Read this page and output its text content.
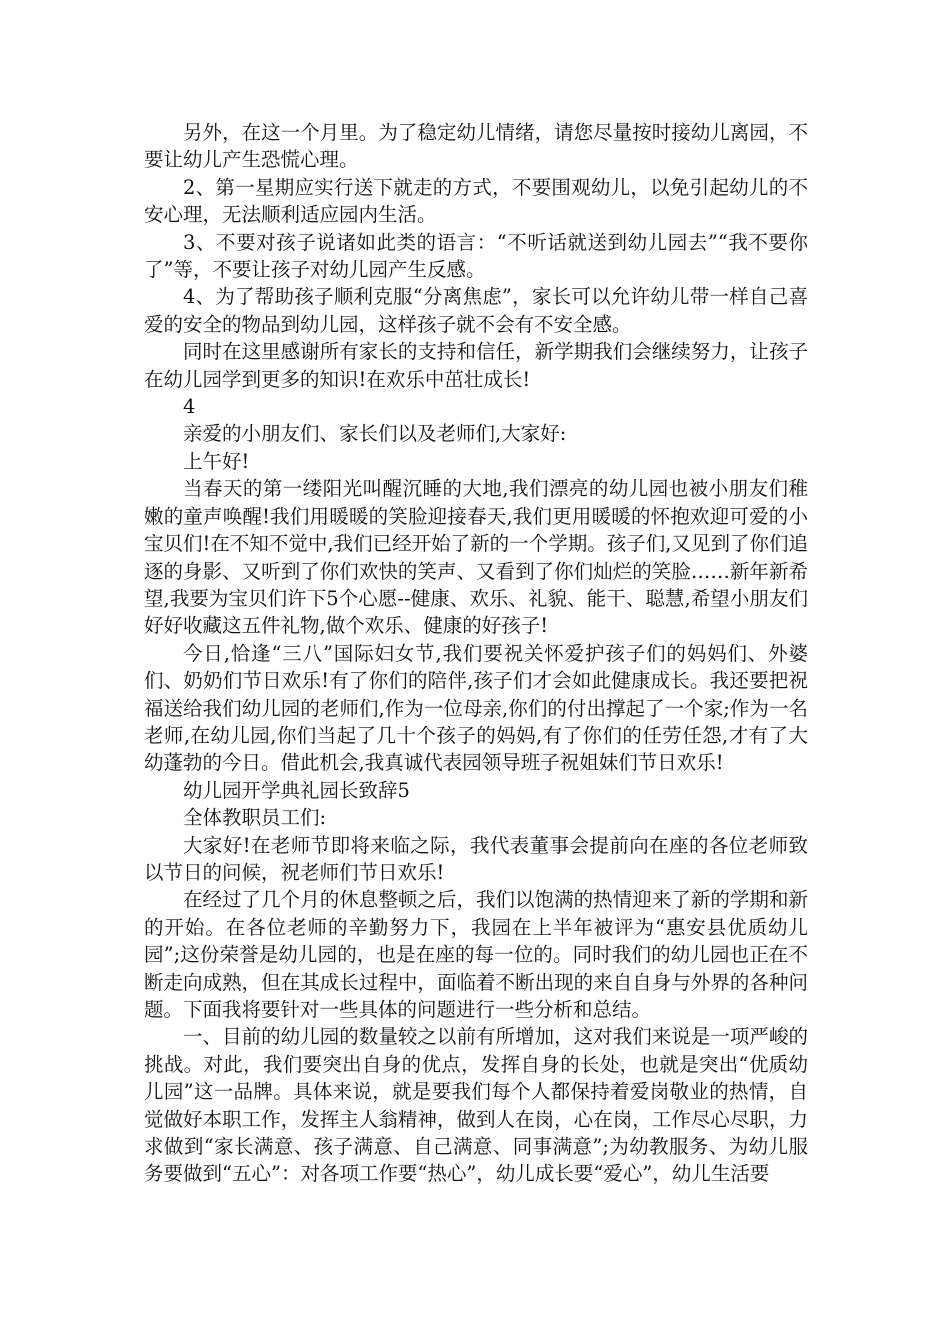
另外，在这一个月里。为了稳定幼儿情绪，请您尽量按时接幼儿离园，不要让幼儿产生恐慌心理。

2、第一星期应实行送下就走的方式，不要围观幼儿，以免引起幼儿的不安心理，无法顺利适应园内生活。

3、不要对孩子说诸如此类的语言：“不听话就送到幼儿园去”“我不要你了”等，不要让孩子对幼儿园产生反感。

4、为了帮助孩子顺利克服“分离焦虑”，家长可以允许幼儿带一样自己喜爱的安全的物品到幼儿园，这样孩子就不会有不安全感。

同时在这里感谢所有家长的支持和信任，新学期我们会继续努力，让孩子在幼儿园学到更多的知识!在欢乐中茁壮成长!

4

亲爱的小朋友们、家长们以及老师们,大家好:

上午好!

当春天的第一缕阳光叫醒沉睡的大地,我们漂亮的幼儿园也被小朋友们稚嫩的童声唤醒!我们用暖暖的笑脸迎接春天,我们更用暖暖的怀抱欢迎可爱的小宝贝们!在不知不觉中,我们已经开始了新的一个学期。孩子们,又见到了你们追逐的身影、又听到了你们欢快的笑声、又看到了你们灿烂的笑脸……新年新希望,我要为宝贝们许下5个心愿--健康、欢乐、礼貌、能干、聪慧,希望小朋友们好好收藏这五件礼物,做个欢乐、健康的好孩子!

今日,恰逢“三八”国际妇女节,我们要祝关怀爱护孩子们的妈妈们、外婆们、奶奶们节日欢乐!有了你们的陪伴,孩子们才会如此健康成长。我还要把祝福送给我们幼儿园的老师们,作为一位母亲,你们的付出撑起了一个家;作为一名老师,在幼儿园,你们当起了几十个孩子的妈妈,有了你们的任劳任怨,才有了大幼蓬勃的今日。借此机会,我真诚代表园领导班子祝姐妹们节日欢乐!

幼儿园开学典礼园长致辞5

全体教职员工们:

大家好!在老师节即将来临之际，我代表董事会提前向在座的各位老师致以节日的问候，祝老师们节日欢乐!

在经过了几个月的休息整顿之后，我们以饱满的热情迎来了新的学期和新的开始。在各位老师的辛勤努力下，我园在上半年被评为“惠安县优质幼儿园”;这份荣誉是幼儿园的，也是在座的每一位的。同时我们的幼儿园也正在不断走向成熟，但在其成长过程中，面临着不断出现的来自自身与外界的各种问题。下面我将要针对一些具体的问题进行一些分析和总结。

一、目前的幼儿园的数量较之以前有所增加，这对我们来说是一项严峻的挑战。对此，我们要突出自身的优点，发挥自身的长处，也就是突出“优质幼儿园”这一品牌。具体来说，就是要我们每个人都保持着爱岗敬业的热情，自觉做好本职工作，发挥主人翁精神，做到人在岗，心在岗，工作尽心尽职，力求做到“家长满意、孩子满意、自己满意、同事满意”;为幼教服务、为幼儿服务要做到“五心”：对各项工作要“热心”，幼儿成长要“爱心”，幼儿生活要
